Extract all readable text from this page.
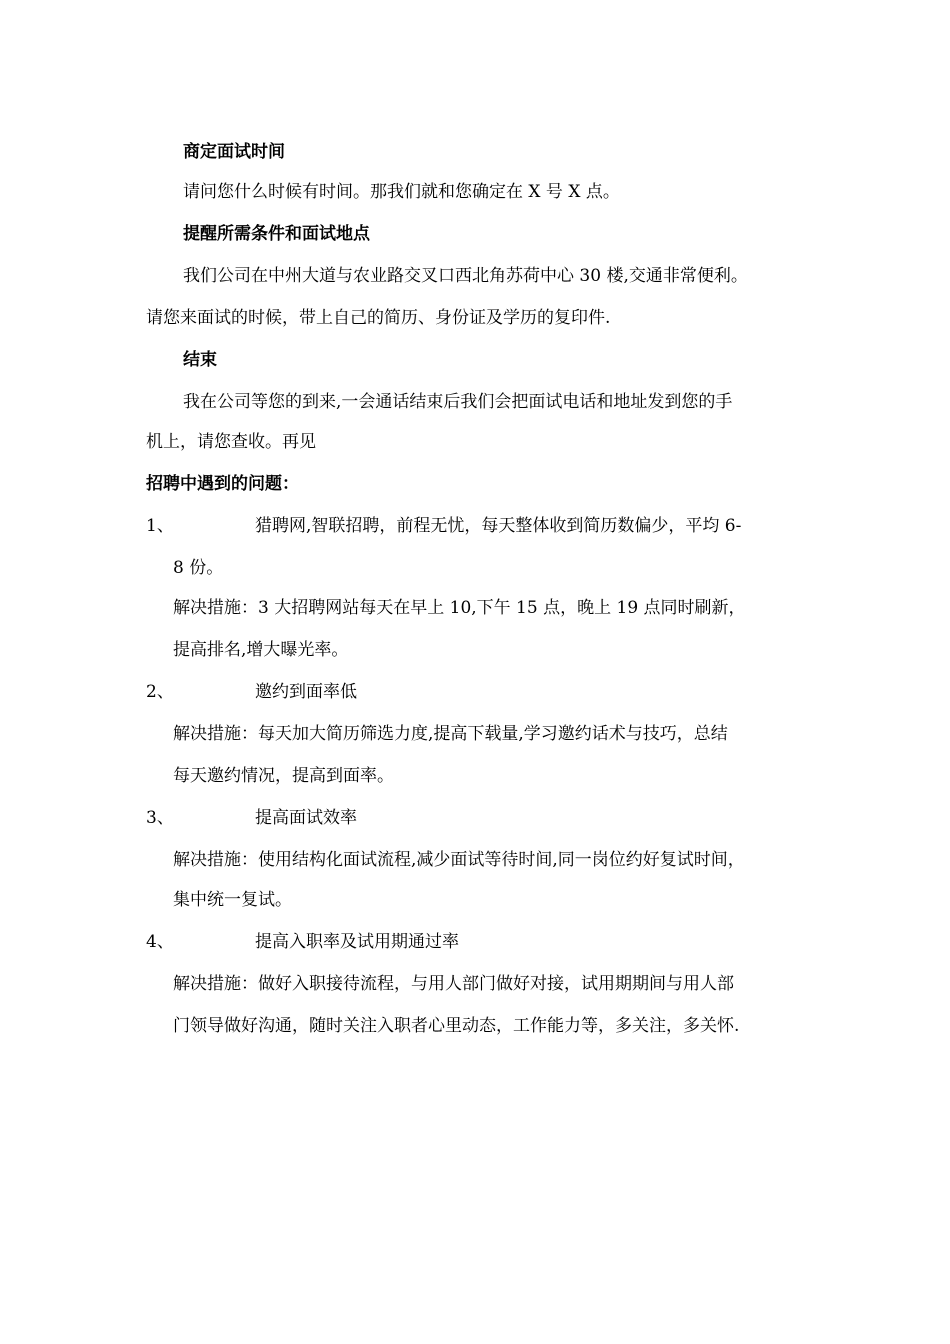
商定面试时间
请问您什么时候有时间。那我们就和您确定在 X 号 X 点。
提醒所需条件和面试地点
我们公司在中州大道与农业路交叉口西北角苏荷中心 30 楼,交通非常便利。
请您来面试的时候，带上自己的简历、身份证及学历的复印件.
结束
我在公司等您的到来,一会通话结束后我们会把面试电话和地址发到您的手
机上，请您查收。再见
招聘中遇到的问题：
1、	猎聘网,智联招聘，前程无忧，每天整体收到简历数偏少，平均 6-
8 份。
解决措施：3 大招聘网站每天在早上 10,下午 15 点，晚上 19 点同时刷新，
提高排名,增大曝光率。
2、	邀约到面率低
解决措施：每天加大简历筛选力度,提高下载量,学习邀约话术与技巧，总结
每天邀约情况，提高到面率。
3、	提高面试效率
解决措施：使用结构化面试流程,减少面试等待时间,同一岗位约好复试时间，
集中统一复试。
4、	提高入职率及试用期通过率
解决措施：做好入职接待流程，与用人部门做好对接，试用期期间与用人部
门领导做好沟通，随时关注入职者心里动态，工作能力等，多关注，多关怀.
